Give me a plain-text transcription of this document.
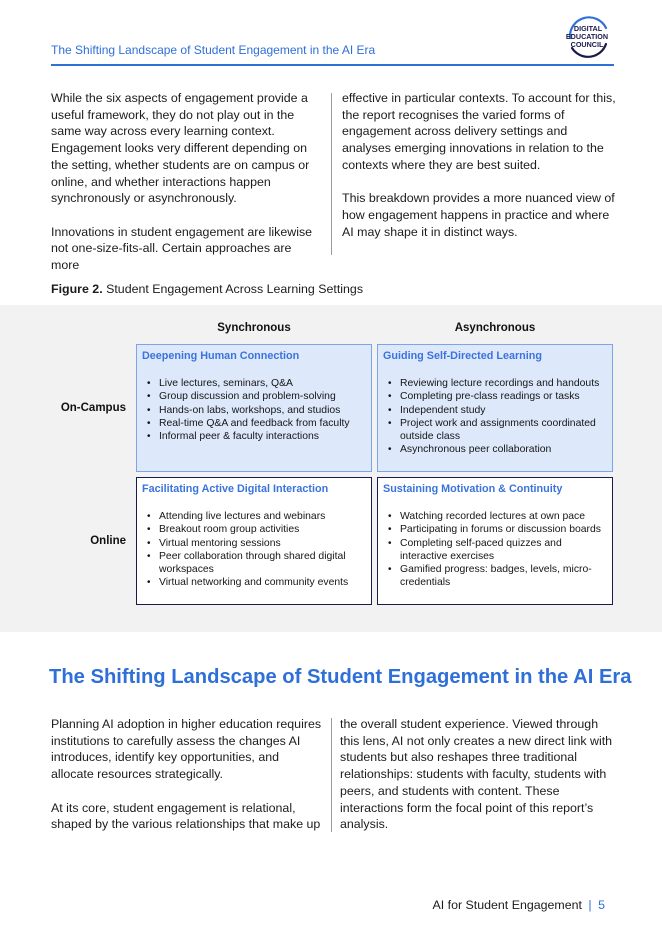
The Shifting Landscape of Student Engagement in the AI Era
DIGITAL
EDUCATION
COUNCIL

While the six aspects of engagement provide a useful framework, they do not play out in the same way across every learning context. Engagement looks very different depending on the setting, whether students are on campus or online, and whether interactions happen synchronously or asynchronously.

Innovations in student engagement are likewise not one-size-fits-all. Certain approaches are more

effective in particular contexts. To account for this, the report recognises the varied forms of engagement across delivery settings and analyses emerging innovations in relation to the contexts where they are best suited.

This breakdown provides a more nuanced view of how engagement happens in practice and where AI may shape it in distinct ways.

Figure 2. Student Engagement Across Learning Settings
Synchronous	Asynchronous
On-Campus
Online
Deepening Human Connection
• Live lectures, seminars, Q&A
• Group discussion and problem-solving
• Hands-on labs, workshops, and studios
• Real-time Q&A and feedback from faculty
• Informal peer & faculty interactions
Guiding Self-Directed Learning
• Reviewing lecture recordings and handouts
• Completing pre-class readings or tasks
• Independent study
• Project work and assignments coordinated outside class
• Asynchronous peer collaboration
Facilitating Active Digital Interaction
• Attending live lectures and webinars
• Breakout room group activities
• Virtual mentoring sessions
• Peer collaboration through shared digital workspaces
• Virtual networking and community events
Sustaining Motivation & Continuity
• Watching recorded lectures at own pace
• Participating in forums or discussion boards
• Completing self-paced quizzes and interactive exercises
• Gamified progress: badges, levels, micro-credentials
The Shifting Landscape of Student Engagement in the AI Era

Planning AI adoption in higher education requires institutions to carefully assess the changes AI introduces, identify key opportunities, and allocate resources strategically.

At its core, student engagement is relational, shaped by the various relationships that make up

the overall student experience. Viewed through this lens, AI not only creates a new direct link with students but also reshapes three traditional relationships: students with faculty, students with peers, and students with content. These interactions form the focal point of this report’s analysis.

AI for Student Engagement | 5
